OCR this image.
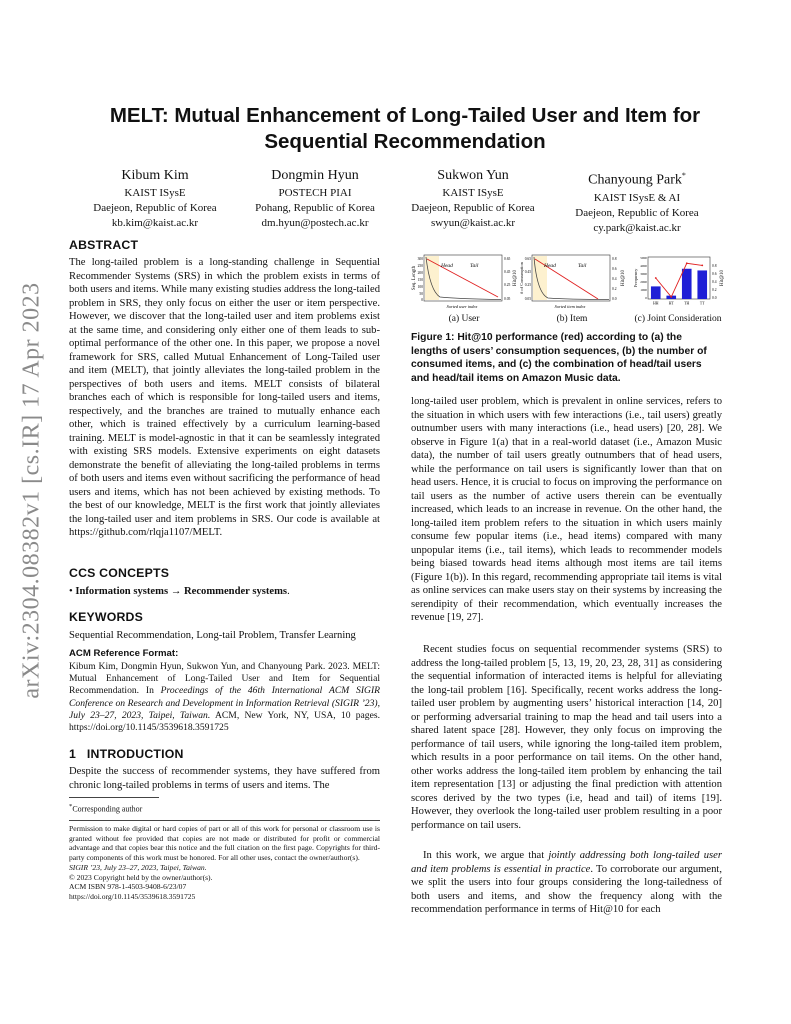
arXiv:2304.08382v1 [cs.IR] 17 Apr 2023
MELT: Mutual Enhancement of Long-Tailed User and Item for
Sequential Recommendation
Kibum Kim
KAIST ISysE
Daejeon, Republic of Korea
kb.kim@kaist.ac.kr
Dongmin Hyun
POSTECH PIAI
Pohang, Republic of Korea
dm.hyun@postech.ac.kr
Sukwon Yun
KAIST ISysE
Daejeon, Republic of Korea
swyun@kaist.ac.kr
Chanyoung Park*
KAIST ISysE & AI
Daejeon, Republic of Korea
cy.park@kaist.ac.kr
ABSTRACT

The long-tailed problem is a long-standing challenge in Sequential Recommender Systems (SRS) in which the problem exists in terms of both users and items. While many existing studies address the long-tailed problem in SRS, they only focus on either the user or item perspective. However, we discover that the long-tailed user and item problems exist at the same time, and considering only either one of them leads to sub-optimal performance of the other one. In this paper, we propose a novel framework for SRS, called Mutual Enhancement of Long-Tailed user and item (MELT), that jointly alleviates the long-tailed problem in the perspectives of both users and items. MELT consists of bilateral branches each of which is responsible for long-tailed users and items, respectively, and the branches are trained to mutually enhance each other, which is trained effectively by a curriculum learning-based training. MELT is model-agnostic in that it can be seamlessly integrated with existing SRS models. Extensive experiments on eight datasets demonstrate the benefit of alleviating the long-tailed problems in terms of both users and items even without sacrificing the performance of head users and items, which has not been achieved by existing methods. To the best of our knowledge, MELT is the first work that jointly alleviates the long-tailed user and item problems in SRS. Our code is available at https://github.com/rlqja1107/MELT.

CCS CONCEPTS
• Information systems → Recommender systems.
KEYWORDS
Sequential Recommendation, Long-tail Problem, Transfer Learning
ACM Reference Format:

Kibum Kim, Dongmin Hyun, Sukwon Yun, and Chanyoung Park. 2023. MELT: Mutual Enhancement of Long-Tailed User and Item for Sequential Recommendation. In Proceedings of the 46th International ACM SIGIR Conference on Research and Development in Information Retrieval (SIGIR ’23), July 23–27, 2023, Taipei, Taiwan. ACM, New York, NY, USA, 10 pages. https://doi.org/10.1145/3539618.3591725

1 INTRODUCTION

Despite the success of recommender systems, they have suffered from chronic long-tailed problems in terms of users and items. The

*Corresponding author
Permission to make digital or hard copies of part or all of this work for personal or classroom use is granted without fee provided that copies are not made or distributed for profit or commercial advantage and that copies bear this notice and the full citation on the first page. Copyrights for third-party components of this work must be honored. For all other uses, contact the owner/author(s).
SIGIR ’23, July 23–27, 2023, Taipei, Taiwan.
© 2023 Copyright held by the owner/author(s).
ACM ISBN 978-1-4503-9408-6/23/07
https://doi.org/10.1145/3539618.3591725
Head	Tail
300
250
200
150
100
50
0
0.65
0.45
0.25
0.05
Sorted user index
Seq. Length	Hit@10
(a) User
Head	Tail
0.65
0.45
0.25
0.05
0.8
0.6
0.4
0.2
0.0
Sorted item index
# of Consumption	Hit@10
(b) Item
5000
4000
3000
2000
1000
0
0.8
0.6
0.4
0.2
0.0
Frequency	Hit@10
HH	HT	TH	TT
(c) Joint Consideration
Figure 1: Hit@10 performance (red) according to (a) the lengths of users’ consumption sequences, (b) the number of consumed items, and (c) the combination of head/tail users and head/tail items on Amazon Music data.

long-tailed user problem, which is prevalent in online services, refers to the situation in which users with few interactions (i.e., tail users) greatly outnumber users with many interactions (i.e., head users) [20, 28]. We observe in Figure 1(a) that in a real-world dataset (i.e., Amazon Music data), the number of tail users greatly outnumbers that of head users, while the performance on tail users is significantly lower than that on head users. Hence, it is crucial to focus on improving the performance on tail users as the number of active users therein can be eventually increased, which leads to an increase in revenue. On the other hand, the long-tailed item problem refers to the situation in which users mainly consume few popular items (i.e., head items) compared with many unpopular items (i.e., tail items), which leads to recommender models being biased towards head items although most items are tail items (Figure 1(b)). In this regard, recommending appropriate tail items is vital as online services can make users stay on their systems by increasing the serendipity of their recommendation, which eventually increases the revenue [19, 27].

Recent studies focus on sequential recommender systems (SRS) to address the long-tailed problem [5, 13, 19, 20, 23, 28, 31] as considering the sequential information of interacted items is helpful for alleviating the long-tail problem [16]. Specifically, recent works address the long-tailed user problem by augmenting users’ historical interaction [14, 20] or performing adversarial training to map the head and tail users into a shared latent space [28]. However, they only focus on improving the performance of tail users, while ignoring the long-tailed item problem, which results in a poor performance on tail items. On the other hand, other works address the long-tailed item problem by enhancing the tail item representation [13] or adjusting the final prediction with attention scores derived by the two types (i.e, head and tail) of items [19]. However, they overlook the long-tailed user problem resulting in a poor performance on tail users.

In this work, we argue that jointly addressing both long-tailed user and item problems is essential in practice. To corroborate our argument, we split the users into four groups considering the long-tailedness of both users and items, and show the frequency along with the recommendation performance in terms of Hit@10 for each
